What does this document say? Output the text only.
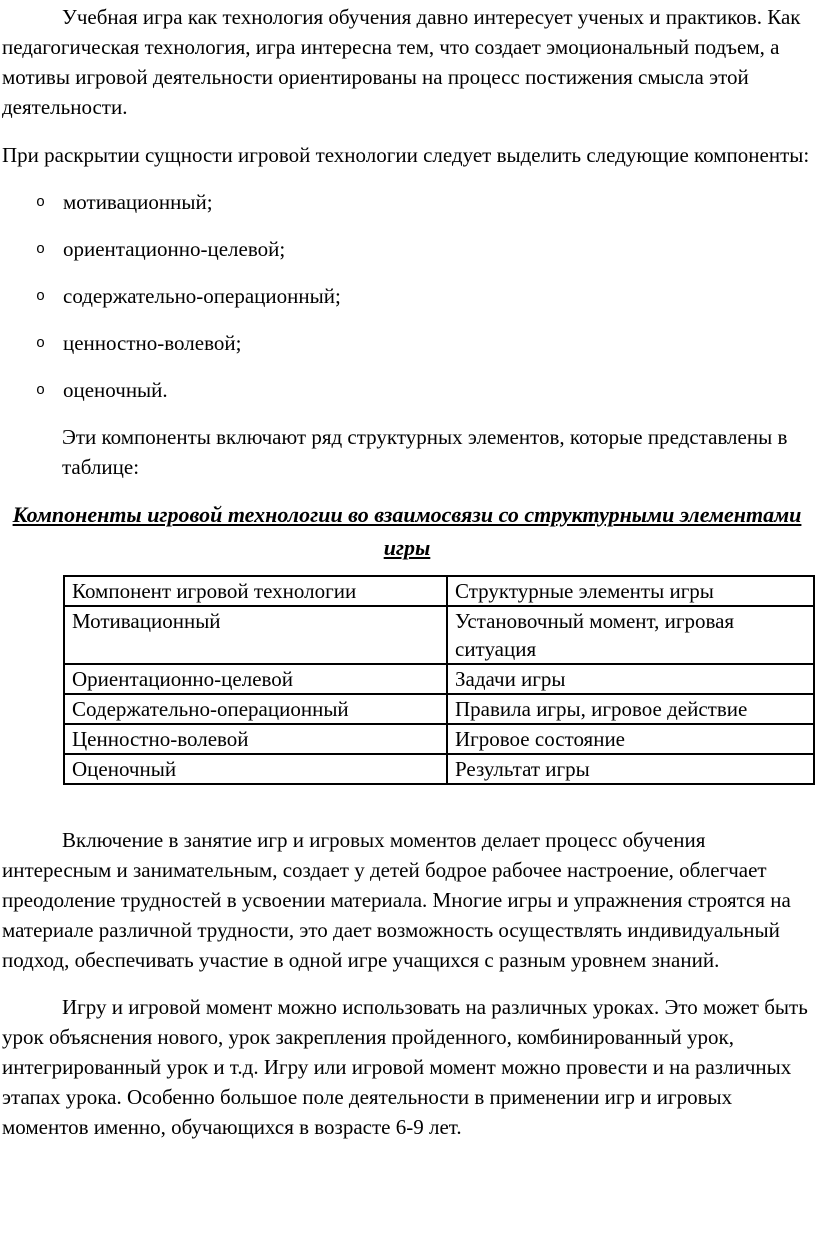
Учебная игра как технология обучения давно интересует ученых и практиков. Как педагогическая технология, игра интересна тем, что создает эмоциональный подъем, а мотивы игровой деятельности ориентированы на процесс постижения смысла этой деятельности.

При раскрытии сущности игровой технологии следует выделить следующие компоненты:

o мотивационный;
o ориентационно-целевой;
o содержательно-операционный;
o ценностно-волевой;
o оценочный.

Эти компоненты включают ряд структурных элементов, которые представлены в таблице:

Компоненты игровой технологии во взаимосвязи со структурными элементами игры
Компонент игровой технологии	Структурные элементы игры
Мотивационный	Установочный момент, игровая ситуация
Ориентационно-целевой	Задачи игры
Содержательно-операционный	Правила игры, игровое действие
Ценностно-волевой	Игровое состояние
Оценочный	Результат игры

Включение в занятие игр и игровых моментов делает процесс обучения интересным и занимательным, создает у детей бодрое рабочее настроение, облегчает преодоление трудностей в усвоении материала. Многие игры и упражнения строятся на материале различной трудности, это дает возможность осуществлять индивидуальный подход, обеспечивать участие в одной игре учащихся с разным уровнем знаний.

Игру и игровой момент можно использовать на различных уроках. Это может быть урок объяснения нового, урок закрепления пройденного, комбинированный урок, интегрированный урок и т.д. Игру или игровой момент можно провести и на различных этапах урока. Особенно большое поле деятельности в применении игр и игровых моментов именно, обучающихся в возрасте 6-9 лет.
